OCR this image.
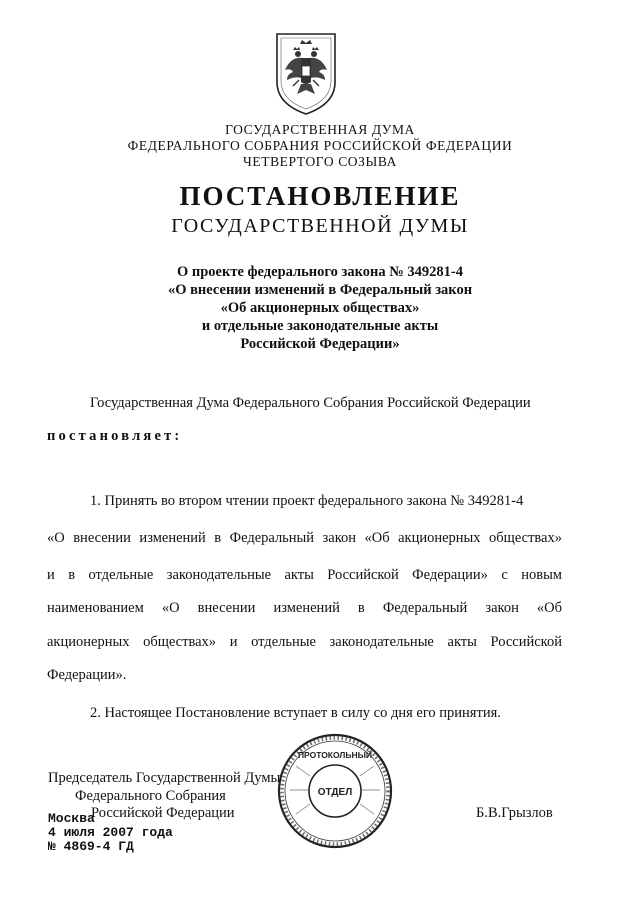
ГОСУДАРСТВЕННАЯ ДУМА
ФЕДЕРАЛЬНОГО СОБРАНИЯ РОССИЙСКОЙ ФЕДЕРАЦИИ
ЧЕТВЕРТОГО СОЗЫВА
ПОСТАНОВЛЕНИЕ
ГОСУДАРСТВЕННОЙ ДУМЫ
О проекте федерального закона № 349281-4
«О внесении изменений в Федеральный закон
«Об акционерных обществах»
и отдельные законодательные акты
Российской Федерации»
Государственная Дума Федерального Собрания Российской Федерации
постановляет:
1. Принять во втором чтении проект федерального закона № 349281-4
«О внесении изменений в Федеральный закон «Об акционерных обществах»
и в отдельные законодательные акты Российской Федерации» с новым
наименованием «О внесении изменений в Федеральный закон «Об
акционерных обществах» и отдельные законодательные акты Российской
Федерации».
2. Настоящее Постановление вступает в силу со дня его принятия.
ПРОТОКОЛЬНЫЙ
ОТДЕЛ
Председатель Государственной Думы
Федерального Собрания
Российской Федерации	Б.В.Грызлов
Москва
4 июля 2007 года
№ 4869-4 ГД
